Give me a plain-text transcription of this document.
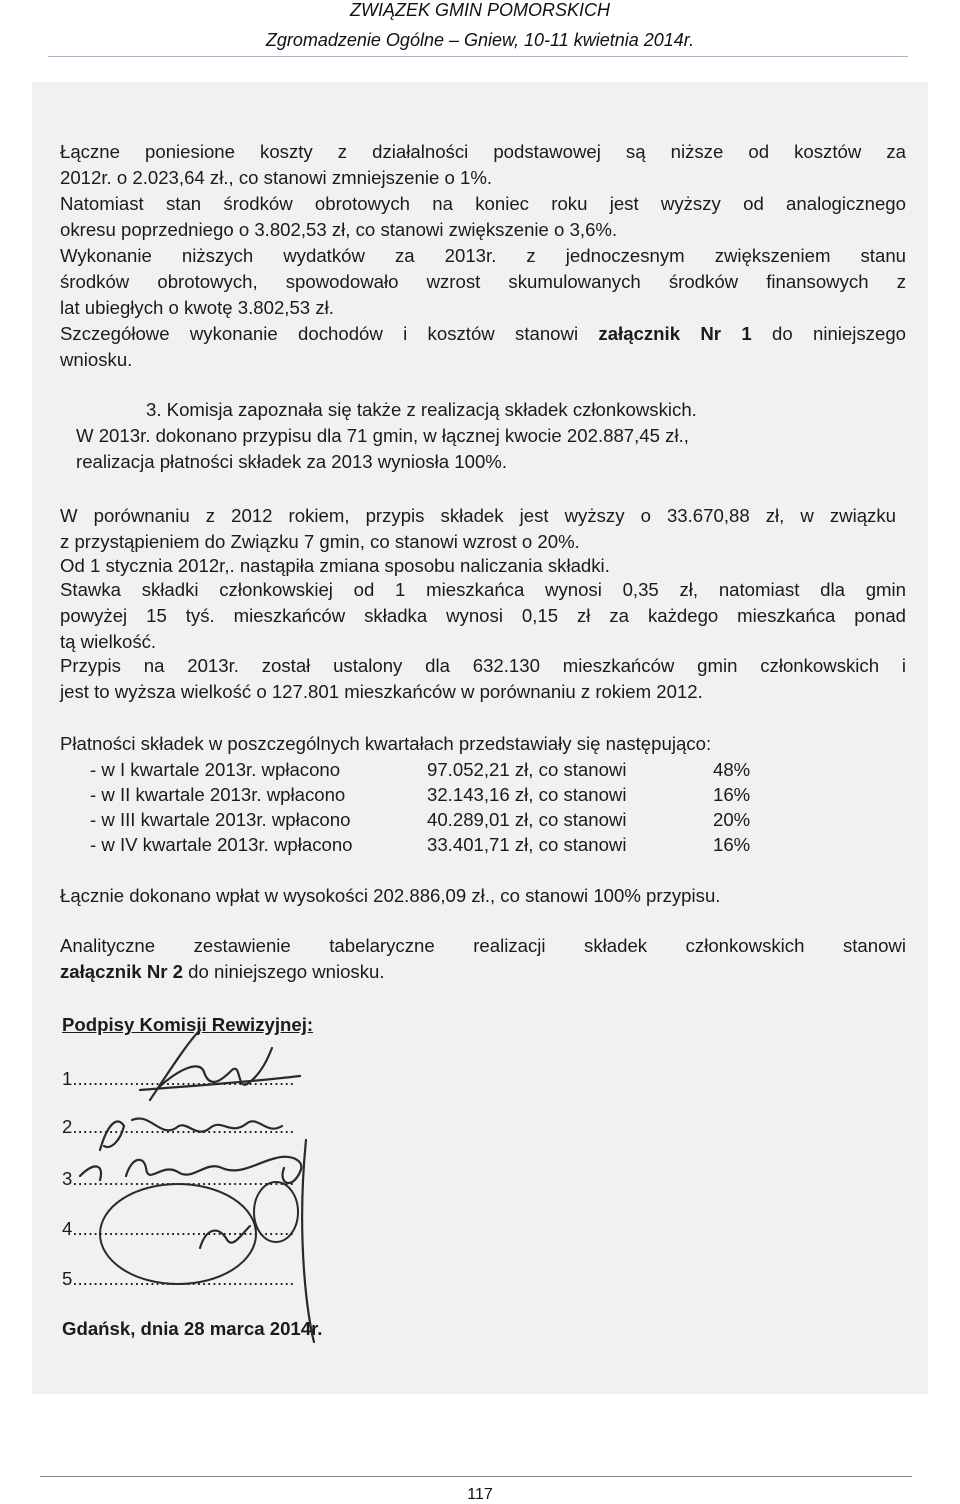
ZWIĄZEK GMIN POMORSKICH
Zgromadzenie Ogólne – Gniew, 10-11 kwietnia 2014r.

Łączne poniesione koszty z działalności podstawowej są niższe od kosztów za

2012r. o 2.023,64 zł., co stanowi zmniejszenie o 1%.

Natomiast stan środków obrotowych na koniec roku jest wyższy od analogicznego

okresu poprzedniego o 3.802,53 zł, co stanowi zwiększenie o 3,6%.

Wykonanie niższych wydatków za 2013r. z jednoczesnym zwiększeniem stanu

środków obrotowych, spowodowało wzrost skumulowanych środków finansowych z

lat ubiegłych o kwotę 3.802,53 zł.

Szczegółowe wykonanie dochodów i kosztów stanowi załącznik Nr 1 do niniejszego

wniosku.

3. Komisja zapoznała się także z realizacją składek członkowskich.

W 2013r. dokonano przypisu dla 71 gmin, w łącznej kwocie 202.887,45 zł.,

realizacja płatności składek za 2013 wyniosła 100%.

W porównaniu z 2012 rokiem, przypis składek jest wyższy o 33.670,88 zł, w związku

z przystąpieniem do Związku 7 gmin, co stanowi wzrost o 20%.

Od 1 stycznia 2012r,. nastąpiła zmiana sposobu naliczania składki.

Stawka składki członkowskiej od 1 mieszkańca wynosi 0,35 zł, natomiast dla gmin

powyżej 15 tyś. mieszkańców składka wynosi 0,15 zł za każdego mieszkańca ponad

tą wielkość.

Przypis na 2013r. został ustalony dla 632.130 mieszkańców gmin członkowskich i

jest to wyższa wielkość o 127.801 mieszkańców w porównaniu z rokiem 2012.

Płatności składek w poszczególnych kwartałach przedstawiały się następująco:

- w I kwartale 2013r. wpłacono	97.052,21 zł, co stanowi	48%
- w II kwartale 2013r. wpłacono	32.143,16 zł, co stanowi	16%
- w III kwartale 2013r. wpłacono	40.289,01 zł, co stanowi	20%
- w IV kwartale 2013r. wpłacono	33.401,71 zł, co stanowi	16%

Łącznie dokonano wpłat w wysokości 202.886,09 zł., co stanowi 100% przypisu.

Analityczne zestawienie tabelaryczne realizacji składek członkowskich stanowi

załącznik Nr 2 do niniejszego wniosku.

Podpisy Komisji Rewizyjnej:
1...........................................
2...........................................
3...........................................
4...........................................
5...........................................
Gdańsk, dnia 28 marca 2014r.
117
